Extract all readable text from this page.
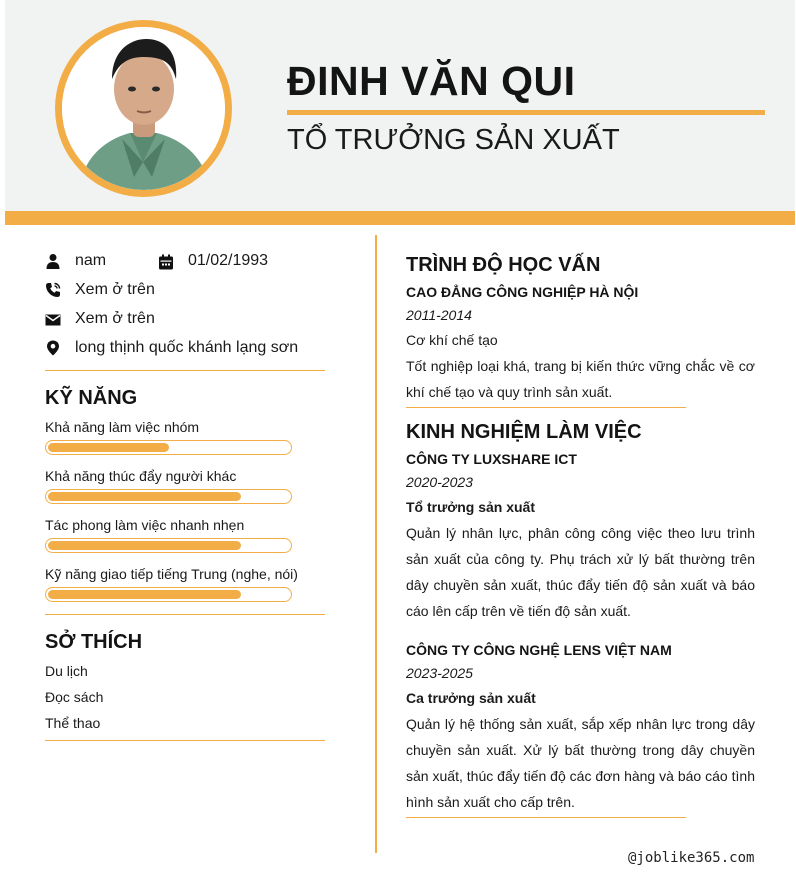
ĐINH VĂN QUI
TỔ TRƯỞNG SẢN XUẤT
nam	01/02/1993
Xem ở trên
Xem ở trên
long thịnh quốc khánh lạng sơn
KỸ NĂNG
Khả năng làm việc nhóm
Khả năng thúc đẩy người khác
Tác phong làm việc nhanh nhẹn
Kỹ năng giao tiếp tiếng Trung (nghe, nói)
SỞ THÍCH
Du lịch
Đọc sách
Thể thao
TRÌNH ĐỘ HỌC VẤN
CAO ĐẲNG CÔNG NGHIỆP HÀ NỘI
2011-2014
Cơ khí chế tạo
Tốt nghiệp loại khá, trang bị kiến thức vững chắc về cơ khí chế tạo và quy trình sản xuất.
KINH NGHIỆM LÀM VIỆC
CÔNG TY LUXSHARE ICT
2020-2023
Tổ trưởng sản xuất
Quản lý nhân lực, phân công công việc theo lưu trình sản xuất của công ty. Phụ trách xử lý bất thường trên dây chuyền sản xuất, thúc đẩy tiến độ sản xuất và báo cáo lên cấp trên về tiến độ sản xuất.
CÔNG TY CÔNG NGHỆ LENS VIỆT NAM
2023-2025
Ca trưởng sản xuất
Quản lý hệ thống sản xuất, sắp xếp nhân lực trong dây chuyền sản xuất. Xử lý bất thường trong dây chuyền sản xuất, thúc đẩy tiến độ các đơn hàng và báo cáo tình hình sản xuất cho cấp trên.
@joblike365.com
